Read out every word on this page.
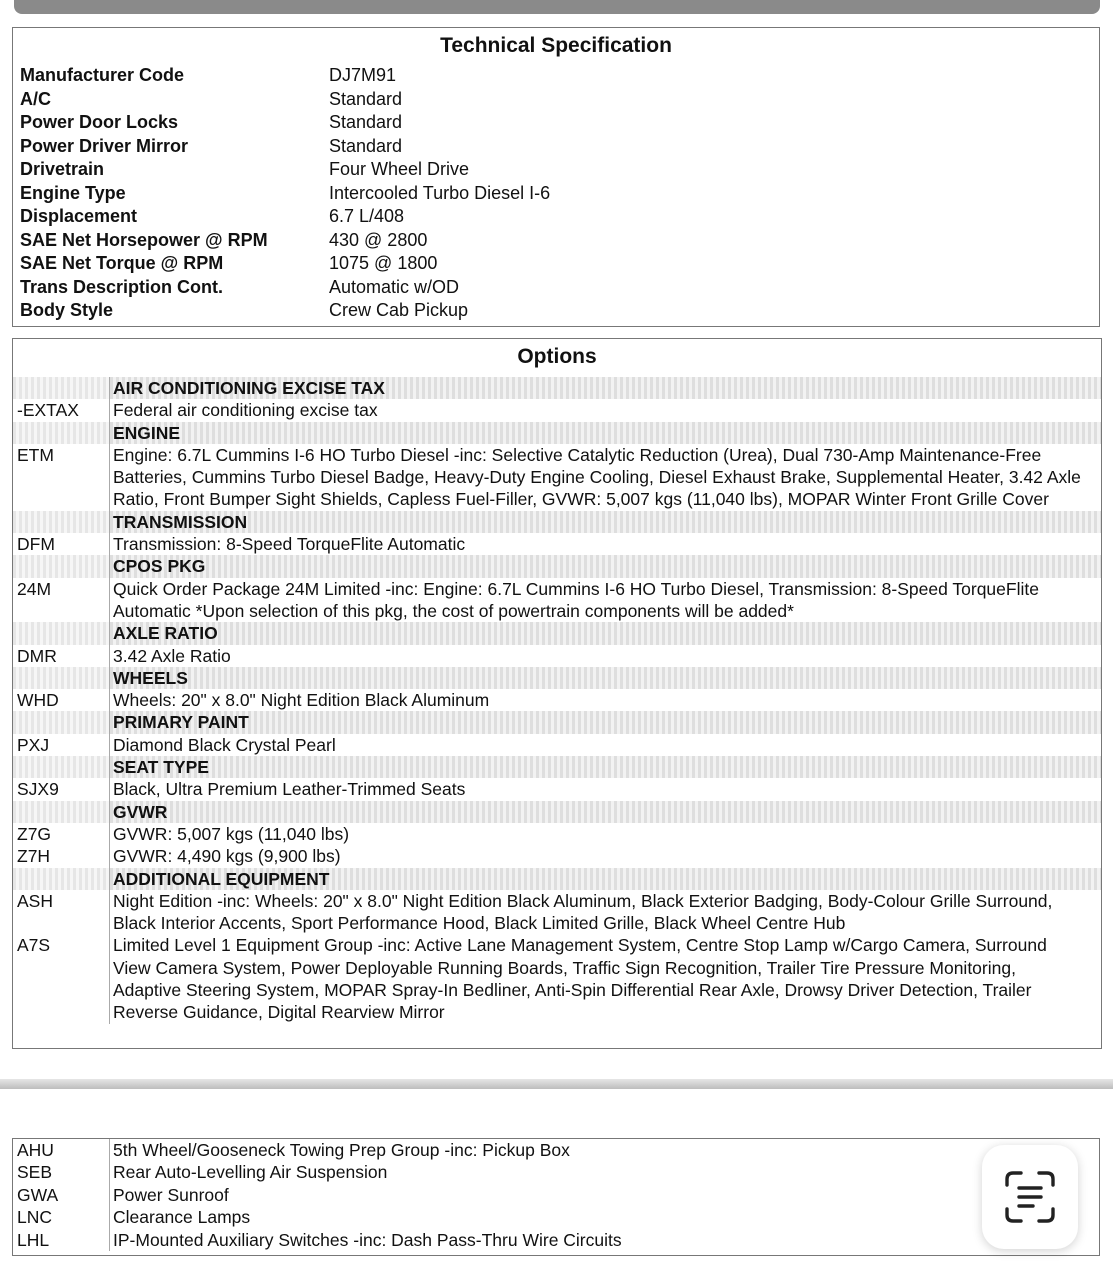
Technical Specification
Manufacturer Code	DJ7M91
A/C	Standard
Power Door Locks	Standard
Power Driver Mirror	Standard
Drivetrain	Four Wheel Drive
Engine Type	Intercooled Turbo Diesel I-6
Displacement	6.7 L/408
SAE Net Horsepower @ RPM	430 @ 2800
SAE Net Torque @ RPM	1075 @ 1800
Trans Description Cont.	Automatic w/OD
Body Style	Crew Cab Pickup
Options
AIR CONDITIONING EXCISE TAX
-EXTAX	Federal air conditioning excise tax
ENGINE
ETM	Engine: 6.7L Cummins I-6 HO Turbo Diesel -inc: Selective Catalytic Reduction (Urea), Dual 730-Amp Maintenance-Free Batteries, Cummins Turbo Diesel Badge, Heavy-Duty Engine Cooling, Diesel Exhaust Brake, Supplemental Heater, 3.42 Axle Ratio, Front Bumper Sight Shields, Capless Fuel-Filler, GVWR: 5,007 kgs (11,040 lbs), MOPAR Winter Front Grille Cover
TRANSMISSION
DFM	Transmission: 8-Speed TorqueFlite Automatic
CPOS PKG
24M	Quick Order Package 24M Limited -inc: Engine: 6.7L Cummins I-6 HO Turbo Diesel, Transmission: 8-Speed TorqueFlite Automatic *Upon selection of this pkg, the cost of powertrain components will be added*
AXLE RATIO
DMR	3.42 Axle Ratio
WHEELS
WHD	Wheels: 20" x 8.0" Night Edition Black Aluminum
PRIMARY PAINT
PXJ	Diamond Black Crystal Pearl
SEAT TYPE
SJX9	Black, Ultra Premium Leather-Trimmed Seats
GVWR
Z7G	GVWR: 5,007 kgs (11,040 lbs)
Z7H	GVWR: 4,490 kgs (9,900 lbs)
ADDITIONAL EQUIPMENT
ASH	Night Edition -inc: Wheels: 20" x 8.0" Night Edition Black Aluminum, Black Exterior Badging, Body-Colour Grille Surround, Black Interior Accents, Sport Performance Hood, Black Limited Grille, Black Wheel Centre Hub
A7S	Limited Level 1 Equipment Group -inc: Active Lane Management System, Centre Stop Lamp w/Cargo Camera, Surround View Camera System, Power Deployable Running Boards, Traffic Sign Recognition, Trailer Tire Pressure Monitoring, Adaptive Steering System, MOPAR Spray-In Bedliner, Anti-Spin Differential Rear Axle, Drowsy Driver Detection, Trailer Reverse Guidance, Digital Rearview Mirror
AHU	5th Wheel/Gooseneck Towing Prep Group -inc: Pickup Box
SEB	Rear Auto-Levelling Air Suspension
GWA	Power Sunroof
LNC	Clearance Lamps
LHL	IP-Mounted Auxiliary Switches -inc: Dash Pass-Thru Wire Circuits
